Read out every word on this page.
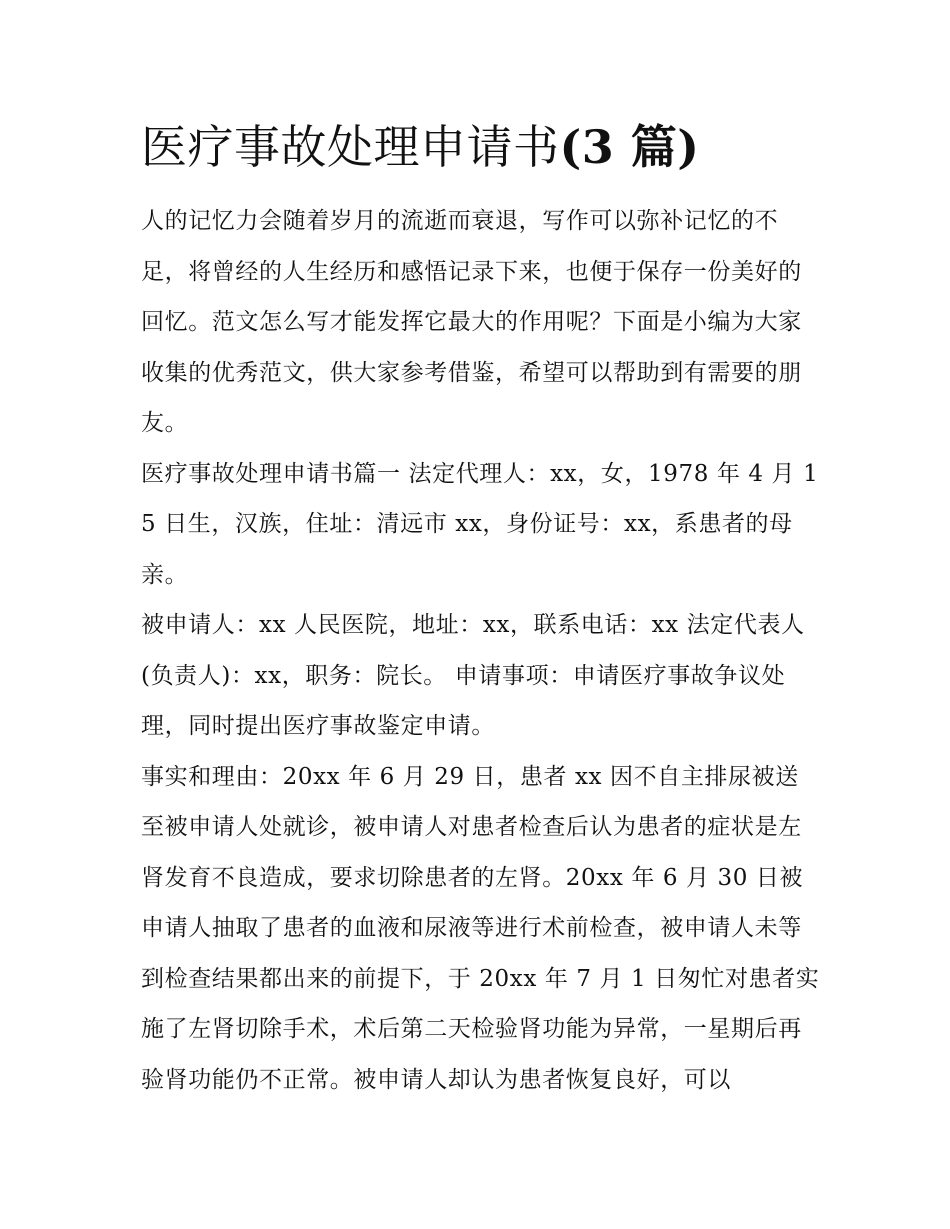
医疗事故处理申请书(3 篇)

人的记忆力会随着岁月的流逝而衰退，写作可以弥补记忆的不足，将曾经的人生经历和感悟记录下来，也便于保存一份美好的回忆。范文怎么写才能发挥它最大的作用呢？下面是小编为大家收集的优秀范文，供大家参考借鉴，希望可以帮助到有需要的朋友。

医疗事故处理申请书篇一 法定代理人：xx，女，1978 年 4 月 15 日生，汉族，住址：清远市 xx，身份证号：xx，系患者的母亲。

被申请人：xx 人民医院，地址：xx，联系电话：xx 法定代表人(负责人)：xx，职务：院长。 申请事项：申请医疗事故争议处理，同时提出医疗事故鉴定申请。

事实和理由：20xx 年 6 月 29 日，患者 xx 因不自主排尿被送至被申请人处就诊，被申请人对患者检查后认为患者的症状是左肾发育不良造成，要求切除患者的左肾。20xx 年 6 月 30 日被申请人抽取了患者的血液和尿液等进行术前检查，被申请人未等到检查结果都出来的前提下，于 20xx 年 7 月 1 日匆忙对患者实施了左肾切除手术，术后第二天检验肾功能为异常，一星期后再验肾功能仍不正常。被申请人却认为患者恢复良好，可以
